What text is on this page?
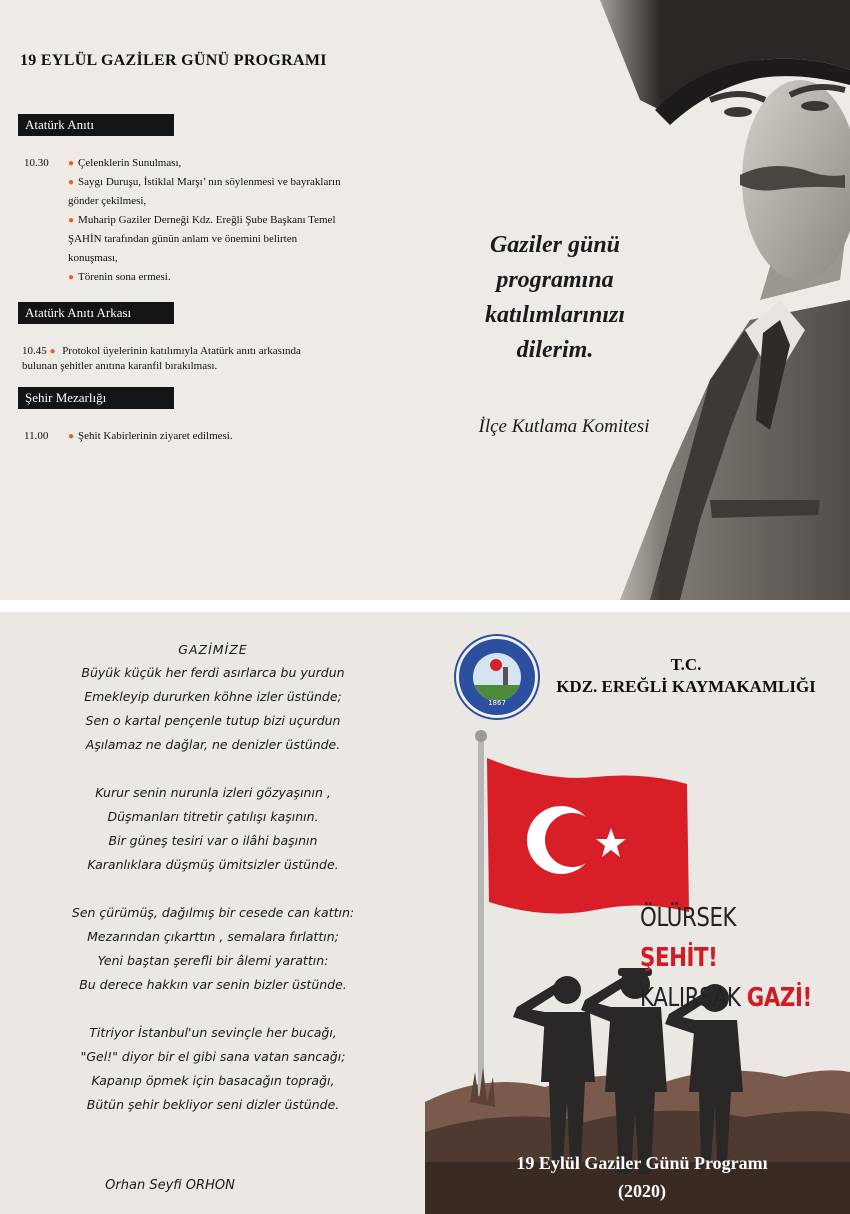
19 EYLÜL GAZİLER GÜNÜ PROGRAMI
Atatürk Anıtı
10.30 ● Çelenklerin Sunulması,
● Saygı Duruşu, İstiklal Marşı’ nın söylenmesi ve bayrakların
gönder çekilmesi,
● Muharip Gaziler Derneği Kdz. Ereğli Şube Başkanı Temel
ŞAHİN tarafından günün anlam ve önemini belirten
konuşması,
● Törenin sona ermesi.
Atatürk Anıtı Arkası
10.45 ● Protokol üyelerinin katılımıyla Atatürk anıtı arkasında
bulunan şehitler anıtına karanfil bırakılması.
Şehir Mezarlığı
11.00 ● Şehit Kabirlerinin ziyaret edilmesi.
Gaziler günü
programına
katılımlarınızı
dilerim.
İlçe Kutlama Komitesi
GAZİMİZE
Büyük küçük her ferdi asırlarca bu yurdun
Emekleyip dururken köhne izler üstünde;
Sen o kartal pençenle tutup bizi uçurdun
Aşılamaz ne dağlar, ne denizler üstünde.
Kurur senin nurunla izleri gözyaşının ,
Düşmanları titretir çatılışı kaşının.
Bir güneş tesiri var o ilâhi başının
Karanlıklara düşmüş ümitsizler üstünde.
Sen çürümüş, dağılmış bir cesede can kattın:
Mezarından çıkarttın , semalara fırlattın;
Yeni baştan şerefli bir âlemi yarattın:
Bu derece hakkın var senin bizler üstünde.
Titriyor İstanbul'un sevinçle her bucağı,
"Gel!" diyor bir el gibi sana vatan sancağı;
Kapanıp öpmek için basacağın toprağı,
Bütün şehir bekliyor seni dizler üstünde.
Orhan Seyfi ORHON
1867
T.C.
KDZ. EREĞLİ KAYMAKAMLIĞI
ÖLÜRSEK ŞEHİT!
KALIRSAK GAZİ!
19 Eylül Gaziler Günü Programı
(2020)
